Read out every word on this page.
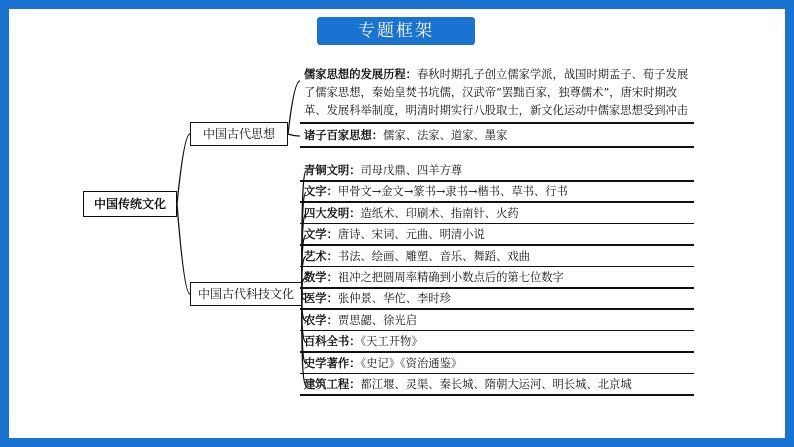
专题框架
中国传统文化
中国古代思想
中国古代科技文化
儒家思想的发展历程：春秋时期孔子创立儒家学派，战国时期孟子、荀子发展
了儒家思想，秦始皇焚书坑儒，汉武帝“罢黜百家，独尊儒术”，唐宋时期改
革、发展科举制度，明清时期实行八股取士，新文化运动中儒家思想受到冲击
诸子百家思想：儒家、法家、道家、墨家
青铜文明：司母戊鼎、四羊方尊
文字：甲骨文→金文→篆书→隶书→楷书、草书、行书
四大发明：造纸术、印刷术、指南针、火药
文学：唐诗、宋词、元曲、明清小说
艺术：书法、绘画、雕塑、音乐、舞蹈、戏曲
数学：祖冲之把圆周率精确到小数点后的第七位数字
医学：张仲景、华佗、李时珍
农学：贾思勰、徐光启
百科全书：《天工开物》
史学著作：《史记》《资治通鉴》
建筑工程：都江堰、灵渠、秦长城、隋朝大运河、明长城、北京城
